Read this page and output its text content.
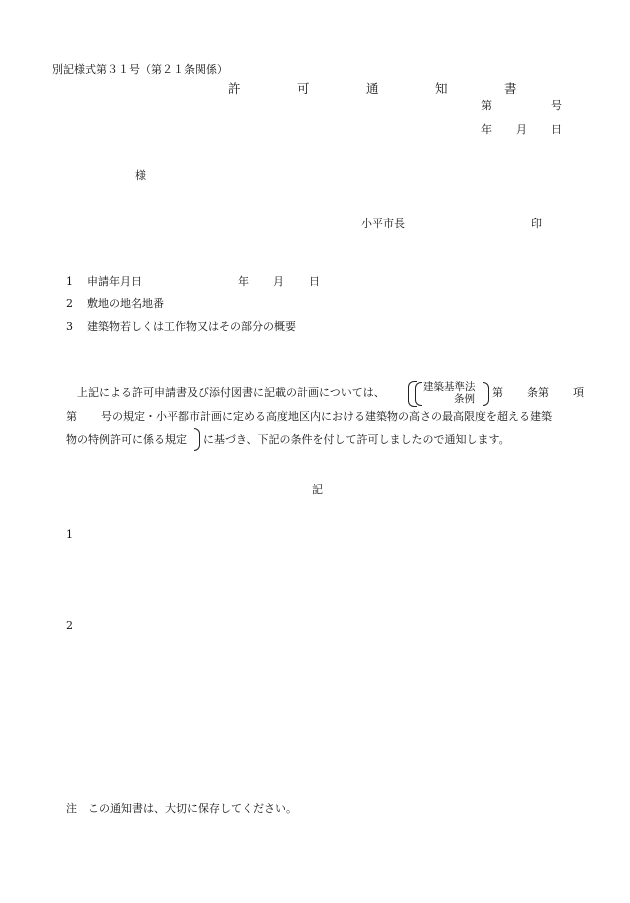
別記様式第３１号（第２１条関係）
許　可　通　知　書
第	号
年 月 日
様
小平市長	印
1 申請年月日	年 月 日
2 敷地の地名地番
3 建築物若しくは工作物又はその部分の概要
上記による許可申請書及び添付図書に記載の計画については、	建築基準法
条例 第 条第 項
第 号の規定・小平都市計画に定める高度地区内における建築物の高さの最高限度を超える建築
物の特例許可に係る規定 に基づき、下記の条件を付して許可しましたので通知します。
記
1
2
注　この通知書は、大切に保存してください。
